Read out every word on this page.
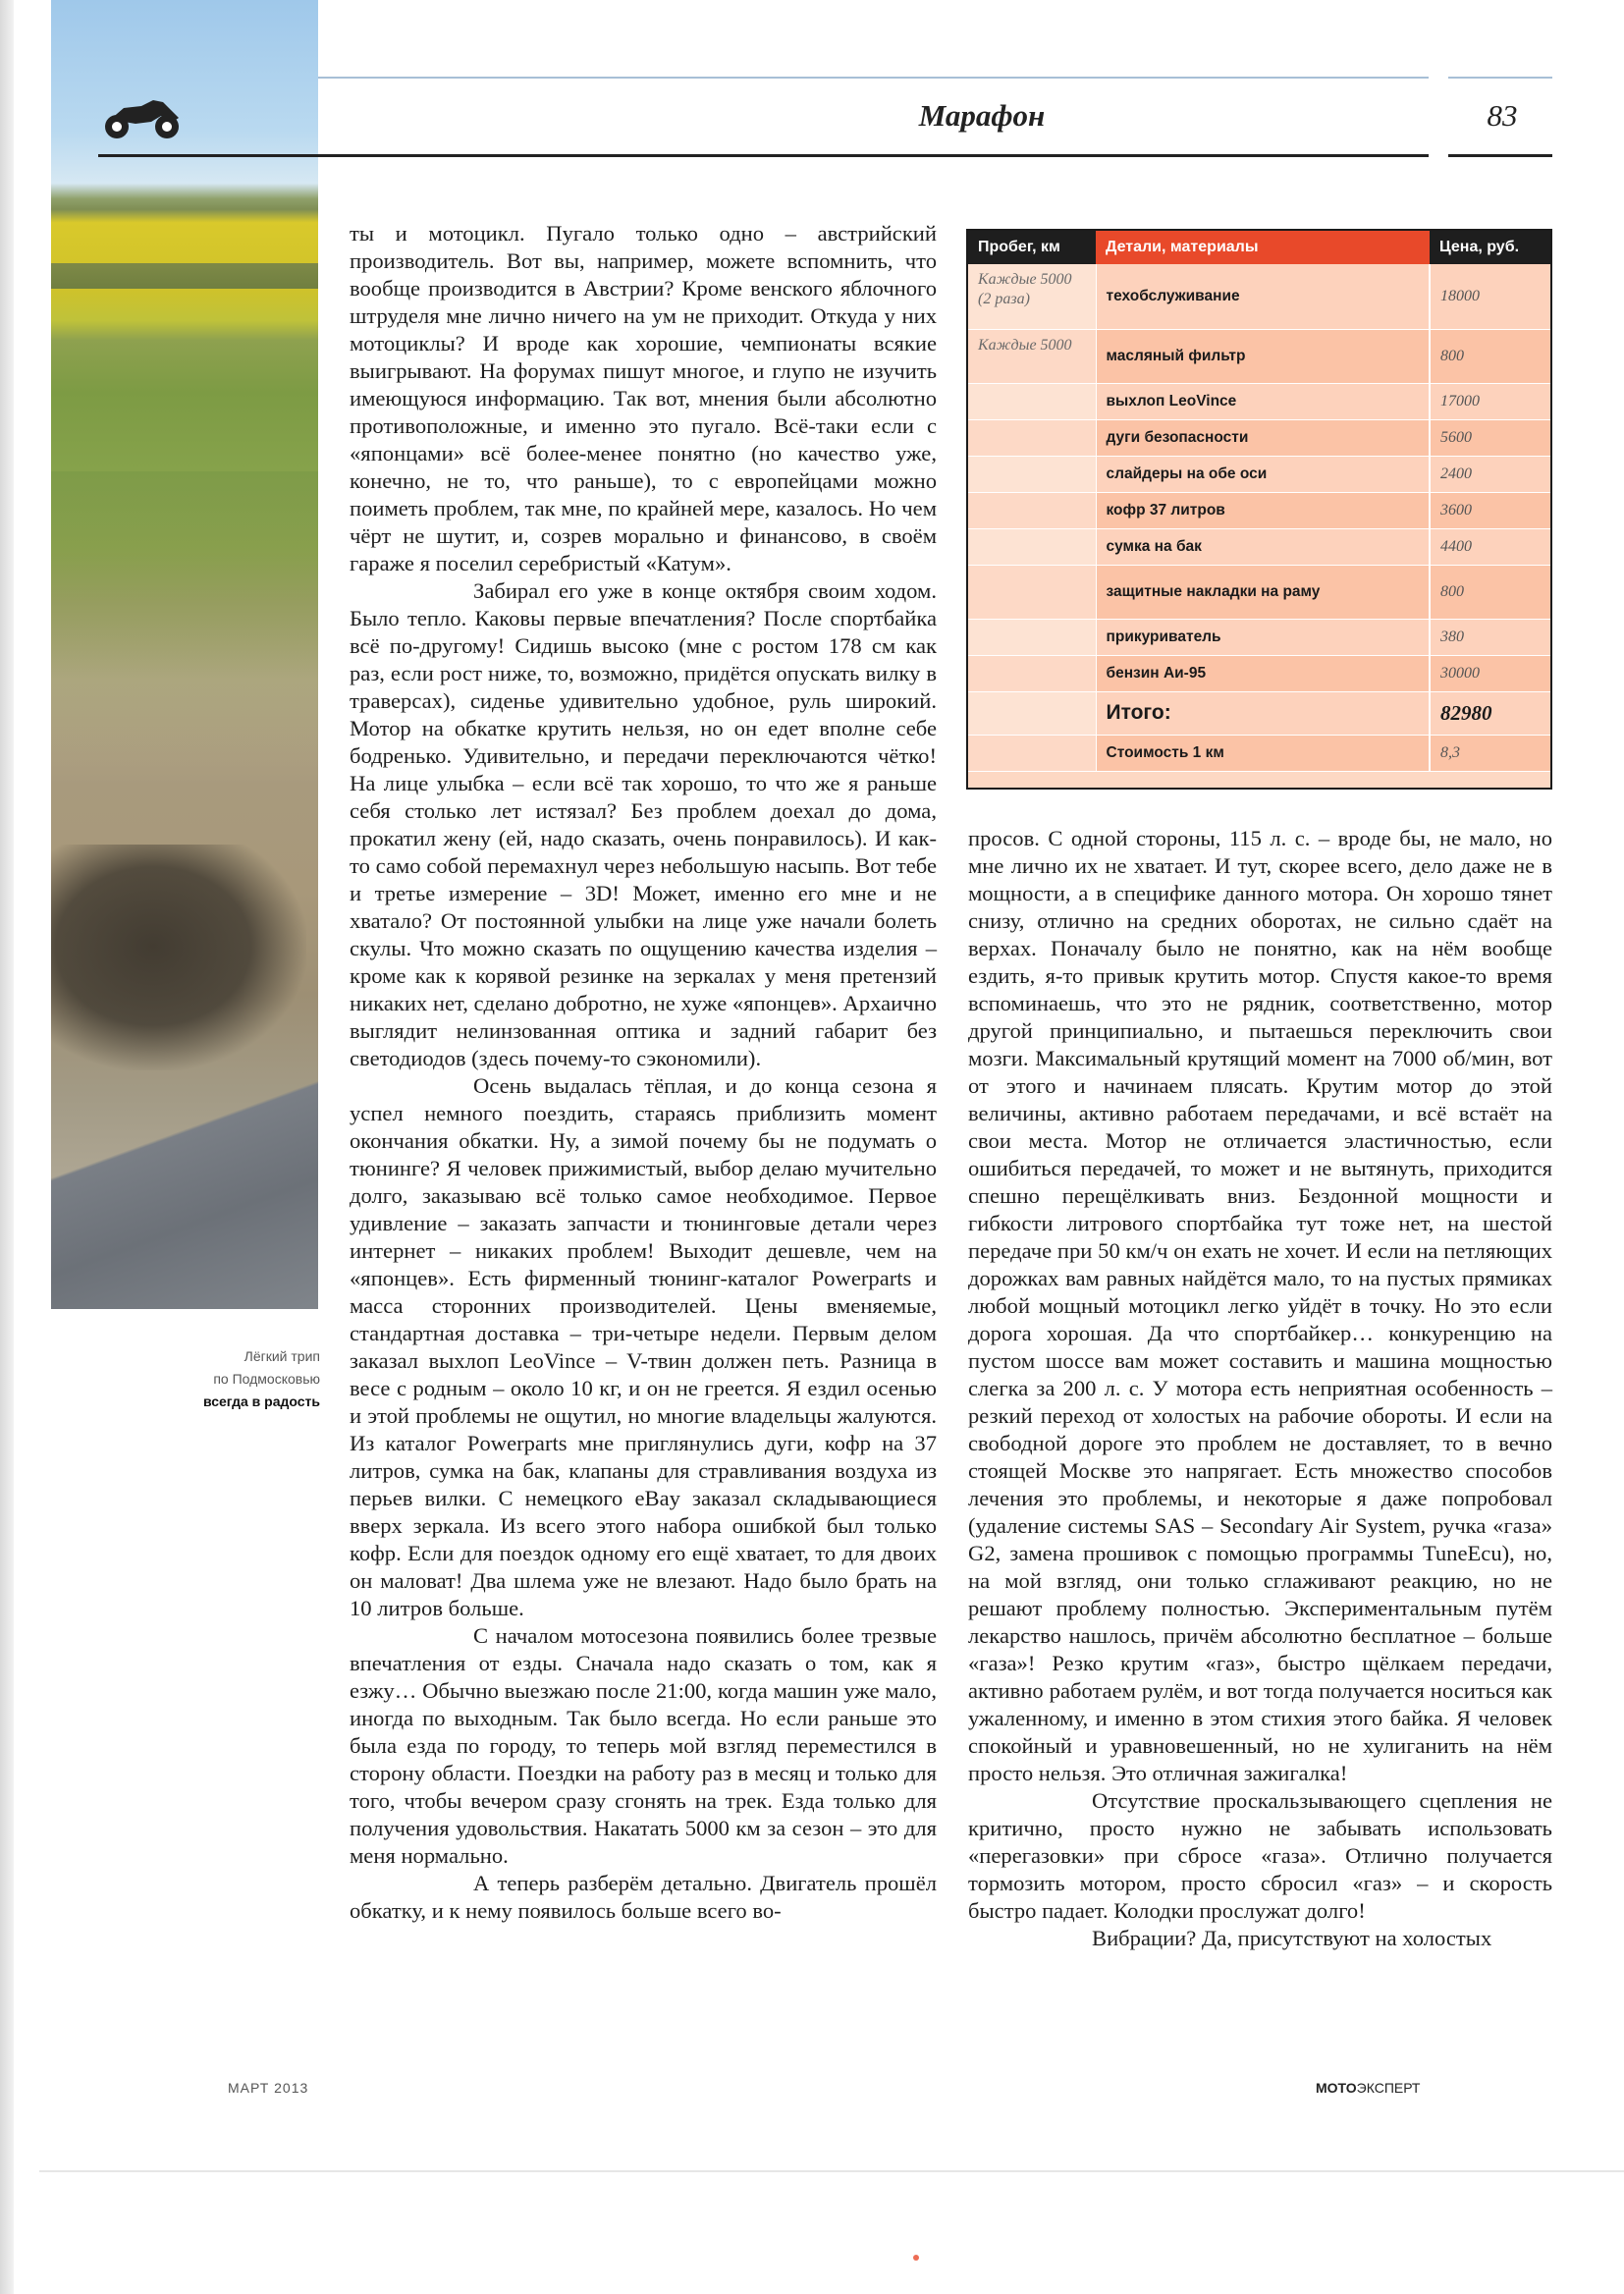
Лёгкий трип
по Подмосковью
всегда в радость
Марафон	83

ты и мотоцикл. Пугало только одно – австрийский производитель. Вот вы, например, можете вспомнить, что вообще производится в Австрии? Кроме венского яблочного штруделя мне лично ничего на ум не приходит. Откуда у них мотоциклы? И вроде как хорошие, чемпионаты всякие выигрывают. На форумах пишут многое, и глупо не изучить имеющуюся информацию. Так вот, мнения были абсолютно противоположные, и именно это пугало. Всё-таки если с «японцами» всё более-менее понятно (но качество уже, конечно, не то, что раньше), то с европейцами можно поиметь проблем, так мне, по крайней мере, казалось. Но чем чёрт не шутит, и, созрев морально и финансово, в своём гараже я поселил серебристый «Катум».

Забирал его уже в конце октября своим ходом. Было тепло. Каковы первые впечатления? После спортбайка всё по-другому! Сидишь высоко (мне с ростом 178 см как раз, если рост ниже, то, возможно, придётся опускать вилку в траверсах), сиденье удивительно удобное, руль широкий. Мотор на обкатке крутить нельзя, но он едет вполне себе бодренько. Удивительно, и передачи переключаются чётко! На лице улыбка – если всё так хорошо, то что же я раньше себя столько лет истязал? Без проблем доехал до дома, прокатил жену (ей, надо сказать, очень понравилось). И как-то само собой перемахнул через небольшую насыпь. Вот тебе и третье измерение – 3D! Может, именно его мне и не хватало? От постоянной улыбки на лице уже начали болеть скулы. Что можно сказать по ощущению качества изделия – кроме как к корявой резинке на зеркалах у меня претензий никаких нет, сделано добротно, не хуже «японцев». Архаично выглядит нелинзованная оптика и задний габарит без светодиодов (здесь почему-то сэкономили).

Осень выдалась тёплая, и до конца сезона я успел немного поездить, стараясь приблизить момент окончания обкатки. Ну, а зимой почему бы не подумать о тюнинге? Я человек прижимистый, выбор делаю мучительно долго, заказываю всё только самое необходимое. Первое удивление – заказать запчасти и тюнинговые детали через интернет – никаких проблем! Выходит дешевле, чем на «японцев». Есть фирменный тюнинг-каталог Powerparts и масса сторонних производителей. Цены вменяемые, стандартная доставка – три-четыре недели. Первым делом заказал выхлоп LeoVince – V-твин должен петь. Разница в весе с родным – около 10 кг, и он не греется. Я ездил осенью и этой проблемы не ощутил, но многие владельцы жалуются. Из каталог Powerparts мне приглянулись дуги, кофр на 37 литров, сумка на бак, клапаны для стравливания воздуха из перьев вилки. С немецкого eBay заказал складывающиеся вверх зеркала. Из всего этого набора ошибкой был только кофр. Если для поездок одному его ещё хватает, то для двоих он маловат! Два шлема уже не влезают. Надо было брать на 10 литров больше.

С началом мотосезона появились более трезвые впечатления от езды. Сначала надо сказать о том, как я езжу… Обычно выезжаю после 21:00, когда машин уже мало, иногда по выходным. Так было всегда. Но если раньше это была езда по городу, то теперь мой взгляд переместился в сторону области. Поездки на работу раз в месяц и только для того, чтобы вечером сразу сгонять на трек. Езда только для получения удовольствия. Накатать 5000 км за сезон – это для меня нормально.

А теперь разберём детально. Двигатель прошёл обкатку, и к нему появилось больше всего во-

Пробег, км	Детали, материалы	Цена, руб.
Каждые 5000 (2 раза)	техобслуживание	18000
Каждые 5000	масляный фильтр	800
	выхлоп LeoVince	17000
	дуги безопасности	5600
	слайдеры на обе оси	2400
	кофр 37 литров	3600
	сумка на бак	4400
	защитные накладки на раму	800
	прикуриватель	380
	бензин Аи-95	30000
	Итого:	82980
	Стоимость 1 км	8,3

просов. С одной стороны, 115 л. с. – вроде бы, не мало, но мне лично их не хватает. И тут, скорее всего, дело даже не в мощности, а в специфике данного мотора. Он хорошо тянет снизу, отлично на средних оборотах, не сильно сдаёт на верхах. Поначалу было не понятно, как на нём вообще ездить, я-то привык крутить мотор. Спустя какое-то время вспоминаешь, что это не рядник, соответственно, мотор другой принципиально, и пытаешься переключить свои мозги. Максимальный крутящий момент на 7000 об/мин, вот от этого и начинаем плясать. Крутим мотор до этой величины, активно работаем передачами, и всё встаёт на свои места. Мотор не отличается эластичностью, если ошибиться передачей, то может и не вытянуть, приходится спешно перещёлкивать вниз. Бездонной мощности и гибкости литрового спортбайка тут тоже нет, на шестой передаче при 50 км/ч он ехать не хочет. И если на петляющих дорожках вам равных найдётся мало, то на пустых прямиках любой мощный мотоцикл легко уйдёт в точку. Но это если дорога хорошая. Да что спортбайкер… конкуренцию на пустом шоссе вам может составить и машина мощностью слегка за 200 л. с. У мотора есть неприятная особенность – резкий переход от холостых на рабочие обороты. И если на свободной дороге это проблем не доставляет, то в вечно стоящей Москве это напрягает. Есть множество способов лечения это проблемы, и некоторые я даже попробовал (удаление системы SAS – Secondary Air System, ручка «газа» G2, замена прошивок с помощью программы TuneEcu), но, на мой взгляд, они только сглаживают реакцию, но не решают проблему полностью. Экспериментальным путём лекарство нашлось, причём абсолютно бесплатное – больше «газа»! Резко крутим «газ», быстро щёлкаем передачи, активно работаем рулём, и вот тогда получается носиться как ужаленному, и именно в этом стихия этого байка. Я человек спокойный и уравновешенный, но не хулиганить на нём просто нельзя. Это отличная зажигалка!

Отсутствие проскальзывающего сцепления не критично, просто нужно не забывать использовать «перегазовки» при сбросе «газа». Отлично получается тормозить мотором, просто сбросил «газ» – и скорость быстро падает. Колодки прослужат долго!

Вибрации? Да, присутствуют на холостых

МАРТ 2013	МОТОЭКСПЕРТ
